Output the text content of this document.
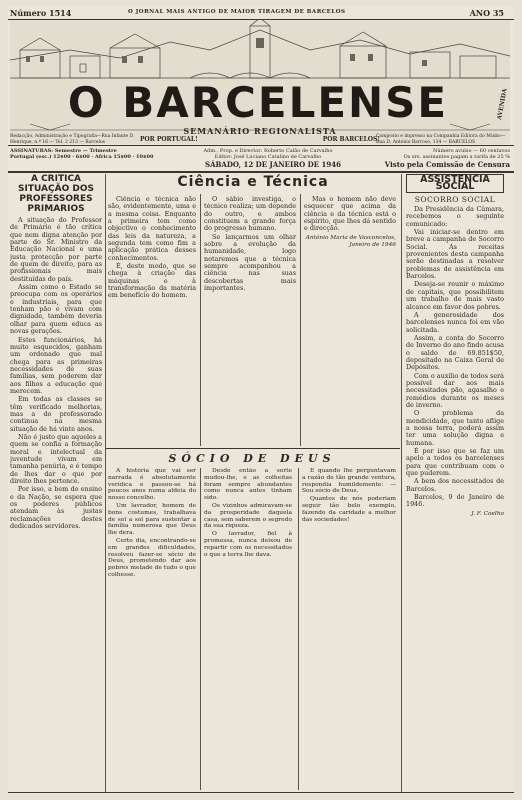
Número 1514	O JORNAL MAIS ANTIGO DE MAIOR TIRAGEM DE BARCELOS	ANO 35
O BARCELENSE	AVENIDA
SEMANÁRIO REGIONALISTA
POR PORTUGAL!	POR BARCELOS!
Redacção, Administração e Tipografia—Rua Infante D. Henrique, n.º 16 — Tel. 2 213 — Barcelos
Composto e impresso na Companhia Editora do Minho—Rua D. António Barroso, 134 — BARCELOS
ASSINATURAS: Semestre — Trimestre
Portugal (esc.) 12$00 · 6$00 · Africa 15$00 · 10$00
Adm., Prop. e Director: Roberto Calão de Carvalho
Editor: José Luciano Catalino de Carvalho
SÁBADO, 12 DE JANEIRO DE 1946
Número avulso — 60 centavos
Os srs. assinantes pagam a tarifa de 25 %
Visto pela Comissão de Censura
A CRITICA SITUAÇÃO DOS PROFESSORES PRIMARIOS

A situação do Professor de Primário é tão crítica que nem digna atenção por parte do Sr. Ministro da Educação Nacional e uma justa protecção por parte de quem de direito, para as profissionais mais destituídas do país.

Assim como o Estado se preocupa com os operários e industriais, para que tenham pão e vivam com dignidade, também deveria olhar para quem educa as novas gerações.

Estes funcionários, há muito esquecidos, ganham um ordenado que mal chega para as primeiras necessidades de suas famílias, sem poderem dar aos filhos a educação que merecem.

Em todas as classes se têm verificado melhorias, mas a do professorado continua na mesma situação de há vinte anos.

Não é justo que aqueles a quem se confia a formação moral e intelectual da juventude vivam em tamanha penúria, e é tempo de lhes dar o que por direito lhes pertence.

Por isso, a bem do ensino e da Nação, se espera que os poderes públicos atendam às justas reclamações destes dedicados servidores.

Ciência e Técnica

Ciência e técnica não são, evidentemente, uma e a mesma coisa. Enquanto a primeira tem como objectivo o conhecimento das leis da natureza, a segunda tem como fim a aplicação prática desses conhecimentos.

É, deste modo, que se chega à criação das máquinas e à transformação da matéria em benefício do homem.

O sábio investiga, o técnico realiza; um depende do outro, e ambos constituem a grande força do progresso humano.

Se lançarmos um olhar sobre a evolução da humanidade, logo notaremos que a técnica sempre acompanhou a ciência nas suas descobertas mais importantes.

Mas o homem não deve esquecer que acima da ciência e da técnica está o espírito, que lhes dá sentido e direcção.

António Maria de Vasconcelos, Janeiro de 1946
ASSISTÊNCIA SOCIAL
SOCORRO SOCIAL

Da Presidência da Câmara, recebemos o seguinte comunicado:

Vai iniciar-se dentro em breve a campanha de Socorro Social. As receitas provenientes desta campanha serão destinadas a resolver problemas de assistência em Barcelos.

Deseja-se reunir o máximo de capitais, que possibilitem um trabalho de mais vasto alcance em favor dos pobres.

A generosidade dos barcelenses nunca foi em vão solicitada.

Assim, a conta do Socorro de Inverno do ano findo acusa o saldo de 69.851$50, depositado na Caixa Geral de Depósitos.

Com o auxílio de todos será possível dar aos mais necessitados pão, agasalho e remédios durante os meses de inverno.

O problema da mendicidade, que tanto aflige a nossa terra, poderá assim ter uma solução digna e humana.

É por isso que se faz um apelo a todos os barcelenses para que contribuam com o que puderem.

A bem dos necessitados de Barcelos.

Barcelos, 9 de Janeiro de 1946.

J. F. Coelho
SÓCIO DE DEUS

A história que vai ser narrada é absolutamente verídica e passou-se há poucos anos numa aldeia do nosso concelho.

Um lavrador, homem de bons costumes, trabalhava de sol a sol para sustentar a família numerosa que Deus lhe dera.

Certo dia, encontrando-se em grandes dificuldades, resolveu fazer-se sócio de Deus, prometendo dar aos pobres metade de tudo o que colhesse.

Desde então a sorte mudou-lhe, e as colheitas foram sempre abundantes como nunca antes tinham sido.

Os vizinhos admiravam-se da prosperidade daquela casa, sem saberem o segredo da sua riqueza.

O lavrador, fiel à promessa, nunca deixou de repartir com os necessitados o que a terra lhe dava.

E quando lhe perguntavam a razão de tão grande ventura, respondia humildemente: — Sou sócio de Deus.

Quantos de nós poderiam seguir tão belo exemplo, fazendo da caridade a melhor das sociedades!
